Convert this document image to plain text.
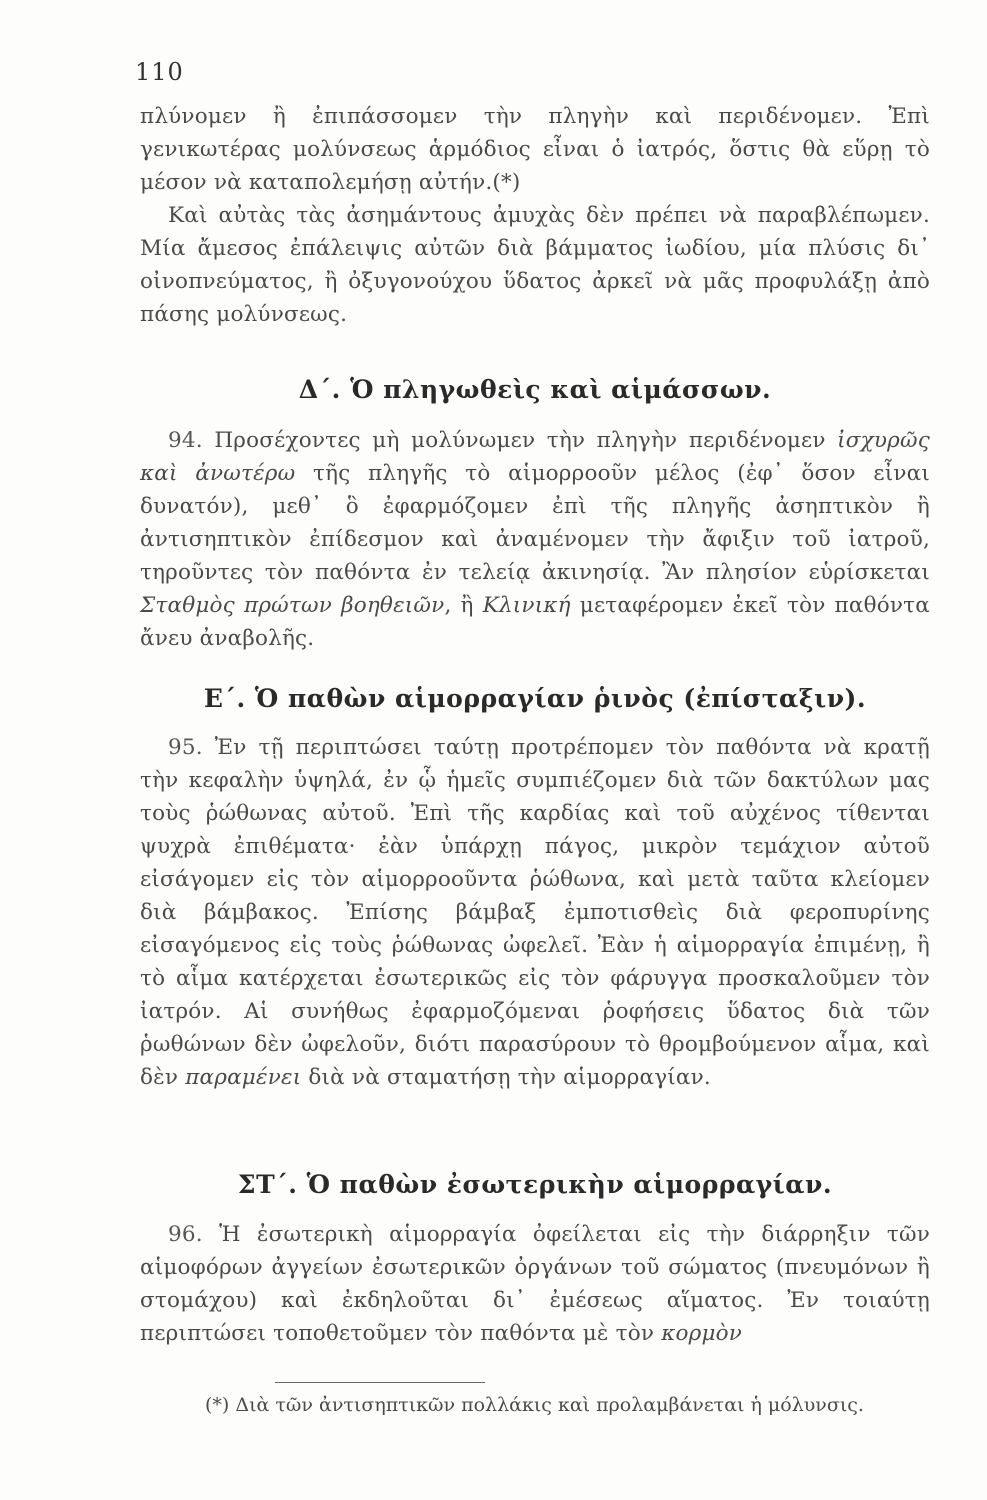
110

πλύνομεν ἢ ἐπιπάσσομεν τὴν πληγὴν καὶ περιδένομεν. Ἐπὶ γενικωτέρας μολύνσεως ἁρμόδιος εἶναι ὁ ἰατρός, ὅστις θὰ εὕρῃ τὸ μέσον νὰ καταπολεμήσῃ αὐτήν.(*)

Καὶ αὐτὰς τὰς ἀσημάντους ἀμυχὰς δὲν πρέπει νὰ παραβλέπωμεν. Μία ἄμεσος ἐπάλειψις αὐτῶν διὰ βάμματος ἰωδίου, μία πλύσις δι᾿ οἰνοπνεύματος, ἢ ὀξυγονούχου ὕδατος ἀρκεῖ νὰ μᾶς προφυλάξῃ ἀπὸ πάσης μολύνσεως.

Δ΄. Ὁ πληγωθεὶς καὶ αἱμάσσων.

94. Προσέχοντες μὴ μολύνωμεν τὴν πληγὴν περιδένομεν ἰσχυρῶς καὶ ἀνωτέρω τῆς πληγῆς τὸ αἱμορροοῦν μέλος (ἐφ᾿ ὅσον εἶναι δυνατόν), μεθ᾿ ὃ ἐφαρμόζομεν ἐπὶ τῆς πληγῆς ἀσηπτικὸν ἢ ἀντισηπτικὸν ἐπίδεσμον καὶ ἀναμένομεν τὴν ἄφιξιν τοῦ ἰατροῦ, τηροῦντες τὸν παθόντα ἐν τελείᾳ ἀκινησίᾳ. Ἂν πλησίον εὑρίσκεται Σταθμὸς πρώτων βοηθειῶν, ἢ Κλινική μεταφέρομεν ἐκεῖ τὸν παθόντα ἄνευ ἀναβολῆς.

Ε΄. Ὁ παθὼν αἱμορραγίαν ῥινὸς (ἐπίσταξιν).

95. Ἐν τῇ περιπτώσει ταύτῃ προτρέπομεν τὸν παθόντα νὰ κρατῇ τὴν κεφαλὴν ὑψηλά, ἐν ᾧ ἡμεῖς συμπιέζομεν διὰ τῶν δακτύλων μας τοὺς ῥώθωνας αὐτοῦ. Ἐπὶ τῆς καρδίας καὶ τοῦ αὐχένος τίθενται ψυχρὰ ἐπιθέματα· ἐὰν ὑπάρχῃ πάγος, μικρὸν τεμάχιον αὐτοῦ εἰσάγομεν εἰς τὸν αἱμορροοῦντα ῥώθωνα, καὶ μετὰ ταῦτα κλείομεν διὰ βάμβακος. Ἐπίσης βάμβαξ ἐμποτισθεὶς διὰ φεροπυρίνης εἰσαγόμενος εἰς τοὺς ῥώθωνας ὠφελεῖ. Ἐὰν ἡ αἱμορραγία ἐπιμένῃ, ἢ τὸ αἷμα κατέρχεται ἐσωτερικῶς εἰς τὸν φάρυγγα προσκαλοῦμεν τὸν ἰατρόν. Αἱ συνήθως ἐφαρμοζόμεναι ῥοφήσεις ὕδατος διὰ τῶν ῥωθώνων δὲν ὠφελοῦν, διότι παρασύρουν τὸ θρομβούμενον αἷμα, καὶ δὲν παραμένει διὰ νὰ σταματήσῃ τὴν αἱμορραγίαν.

ΣΤ΄. Ὁ παθὼν ἐσωτερικὴν αἱμορραγίαν.

96. Ἡ ἐσωτερικὴ αἱμορραγία ὀφείλεται εἰς τὴν διάρρηξιν τῶν αἱμοφόρων ἀγγείων ἐσωτερικῶν ὀργάνων τοῦ σώματος (πνευμόνων ἢ στομάχου) καὶ ἐκδηλοῦται δι᾿ ἐμέσεως αἵματος. Ἐν τοιαύτῃ περιπτώσει τοποθετοῦμεν τὸν παθόντα μὲ τὸν κορμὸν

(*) Διὰ τῶν ἀντισηπτικῶν πολλάκις καὶ προλαμβάνεται ἡ μόλυνσις.
